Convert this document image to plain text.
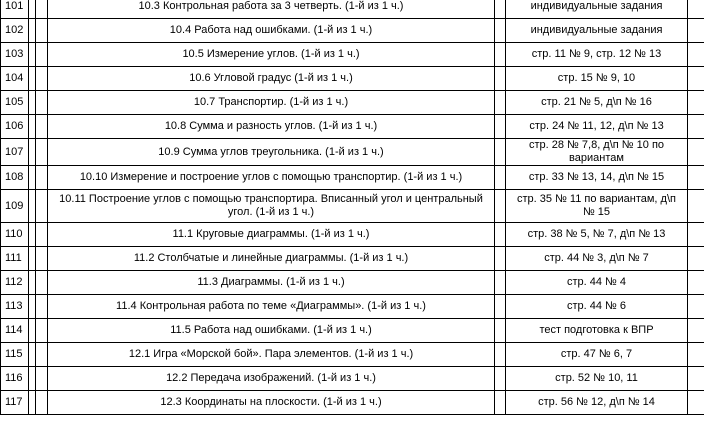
101			10.3 Контрольная работа за 3 четверть. (1-й из 1 ч.)		индивидуальные задания	
102			10.4 Работа над ошибками. (1-й из 1 ч.)		индивидуальные задания	
103			10.5 Измерение углов. (1-й из 1 ч.)		стр. 11 № 9, стр. 12 № 13	
104			10.6 Угловой градус (1-й из 1 ч.)		стр. 15 № 9, 10	
105			10.7 Транспортир. (1-й из 1 ч.)		стр. 21 № 5, д\п № 16	
106			10.8 Сумма и разность углов. (1-й из 1 ч.)		стр. 24 № 11, 12, д\п № 13	
107			10.9 Сумма углов треугольника. (1-й из 1 ч.)		стр. 28 № 7,8, д\п № 10 по вариантам	
108			10.10 Измерение и построение углов с помощью транспортир. (1-й из 1 ч.)		стр. 33 № 13, 14, д\п № 15	
109			10.11 Построение углов с помощью транспортира. Вписанный угол и центральный угол. (1-й из 1 ч.)		стр. 35 № 11 по вариантам, д\п № 15	
110			11.1 Круговые диаграммы. (1-й из 1 ч.)		стр. 38 № 5, № 7, д\п № 13	
111			11.2 Столбчатые и линейные диаграммы. (1-й из 1 ч.)		стр. 44 № 3, д\п № 7	
112			11.3 Диаграммы. (1-й из 1 ч.)		стр. 44 № 4	
113			11.4 Контрольная работа по теме «Диаграммы». (1-й из 1 ч.)		стр. 44 № 6	
114			11.5 Работа над ошибками. (1-й из 1 ч.)		тест подготовка к ВПР	
115			12.1 Игра «Морской бой». Пара элементов. (1-й из 1 ч.)		стр. 47 № 6, 7	
116			12.2 Передача изображений. (1-й из 1 ч.)		стр. 52 № 10, 11	
117			12.3 Координаты на плоскости. (1-й из 1 ч.)		стр. 56 № 12, д\п № 14	
